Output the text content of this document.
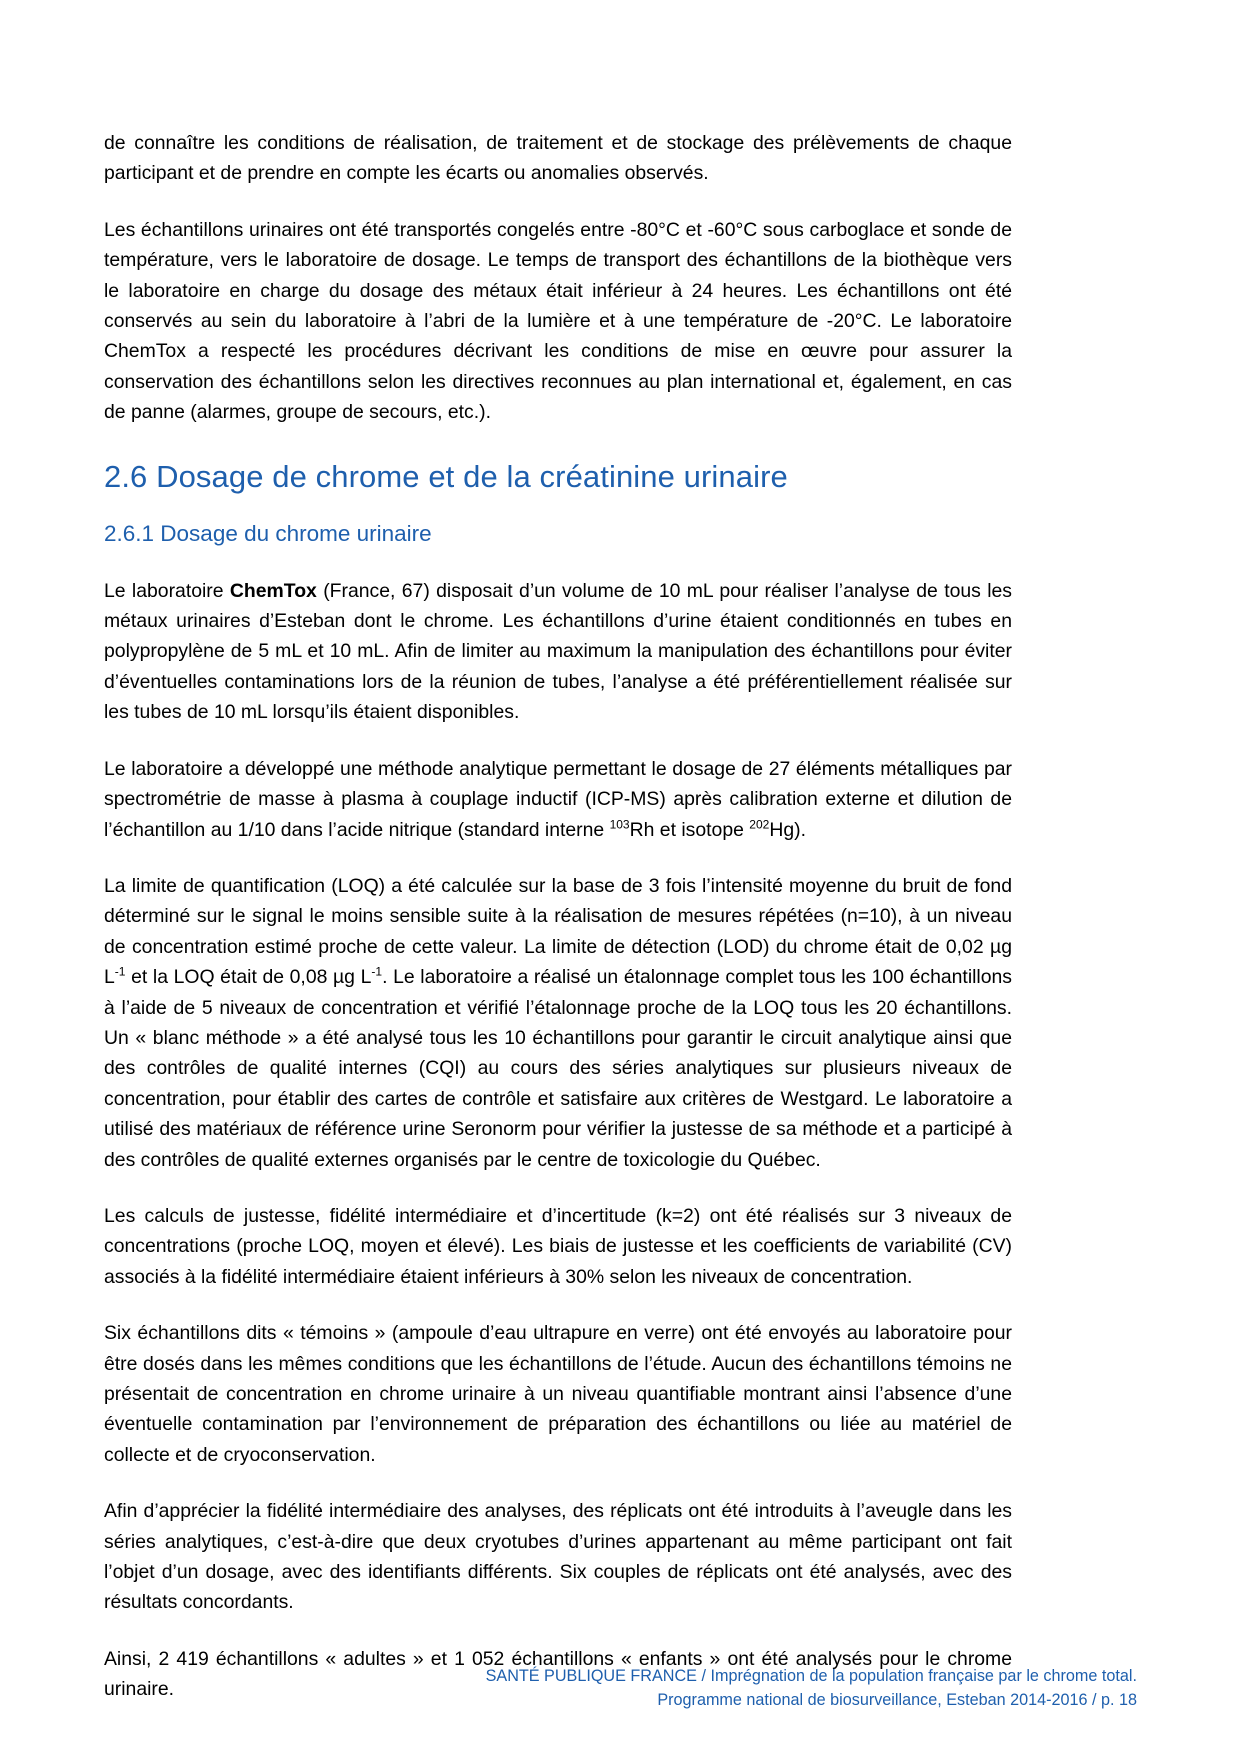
de connaître les conditions de réalisation, de traitement et de stockage des prélèvements de chaque participant et de prendre en compte les écarts ou anomalies observés.

Les échantillons urinaires ont été transportés congelés entre -80°C et -60°C sous carboglace et sonde de température, vers le laboratoire de dosage. Le temps de transport des échantillons de la biothèque vers le laboratoire en charge du dosage des métaux était inférieur à 24 heures. Les échantillons ont été conservés au sein du laboratoire à l’abri de la lumière et à une température de -20°C. Le laboratoire ChemTox a respecté les procédures décrivant les conditions de mise en œuvre pour assurer la conservation des échantillons selon les directives reconnues au plan international et, également, en cas de panne (alarmes, groupe de secours, etc.).

2.6 Dosage de chrome et de la créatinine urinaire
2.6.1 Dosage du chrome urinaire

Le laboratoire ChemTox (France, 67) disposait d’un volume de 10 mL pour réaliser l’analyse de tous les métaux urinaires d’Esteban dont le chrome. Les échantillons d’urine étaient conditionnés en tubes en polypropylène de 5 mL et 10 mL. Afin de limiter au maximum la manipulation des échantillons pour éviter d’éventuelles contaminations lors de la réunion de tubes, l’analyse a été préférentiellement réalisée sur les tubes de 10 mL lorsqu’ils étaient disponibles.

Le laboratoire a développé une méthode analytique permettant le dosage de 27 éléments métalliques par spectrométrie de masse à plasma à couplage inductif (ICP-MS) après calibration externe et dilution de l’échantillon au 1/10 dans l’acide nitrique (standard interne $^{103}$Rh et isotope $^{202}$Hg).

La limite de quantification (LOQ) a été calculée sur la base de 3 fois l’intensité moyenne du bruit de fond déterminé sur le signal le moins sensible suite à la réalisation de mesures répétées (n=10), à un niveau de concentration estimé proche de cette valeur. La limite de détection (LOD) du chrome était de 0,02 µg $L^{-1}$ et la LOQ était de 0,08 µg $L^{-1}$. Le laboratoire a réalisé un étalonnage complet tous les 100 échantillons à l’aide de 5 niveaux de concentration et vérifié l’étalonnage proche de la LOQ tous les 20 échantillons. Un « blanc méthode » a été analysé tous les 10 échantillons pour garantir le circuit analytique ainsi que des contrôles de qualité internes (CQI) au cours des séries analytiques sur plusieurs niveaux de concentration, pour établir des cartes de contrôle et satisfaire aux critères de Westgard. Le laboratoire a utilisé des matériaux de référence urine Seronorm pour vérifier la justesse de sa méthode et a participé à des contrôles de qualité externes organisés par le centre de toxicologie du Québec.

Les calculs de justesse, fidélité intermédiaire et d’incertitude (k=2) ont été réalisés sur 3 niveaux de concentrations (proche LOQ, moyen et élevé). Les biais de justesse et les coefficients de variabilité (CV) associés à la fidélité intermédiaire étaient inférieurs à 30% selon les niveaux de concentration.

Six échantillons dits « témoins » (ampoule d’eau ultrapure en verre) ont été envoyés au laboratoire pour être dosés dans les mêmes conditions que les échantillons de l’étude. Aucun des échantillons témoins ne présentait de concentration en chrome urinaire à un niveau quantifiable montrant ainsi l’absence d’une éventuelle contamination par l’environnement de préparation des échantillons ou liée au matériel de collecte et de cryoconservation.

Afin d’apprécier la fidélité intermédiaire des analyses, des réplicats ont été introduits à l’aveugle dans les séries analytiques, c’est-à-dire que deux cryotubes d’urines appartenant au même participant ont fait l’objet d’un dosage, avec des identifiants différents. Six couples de réplicats ont été analysés, avec des résultats concordants.

Ainsi, 2 419 échantillons « adultes » et 1 052 échantillons « enfants » ont été analysés pour le chrome urinaire.

SANTÉ PUBLIQUE FRANCE / Imprégnation de la population française par le chrome total.
Programme national de biosurveillance, Esteban 2014-2016 / p. 18
